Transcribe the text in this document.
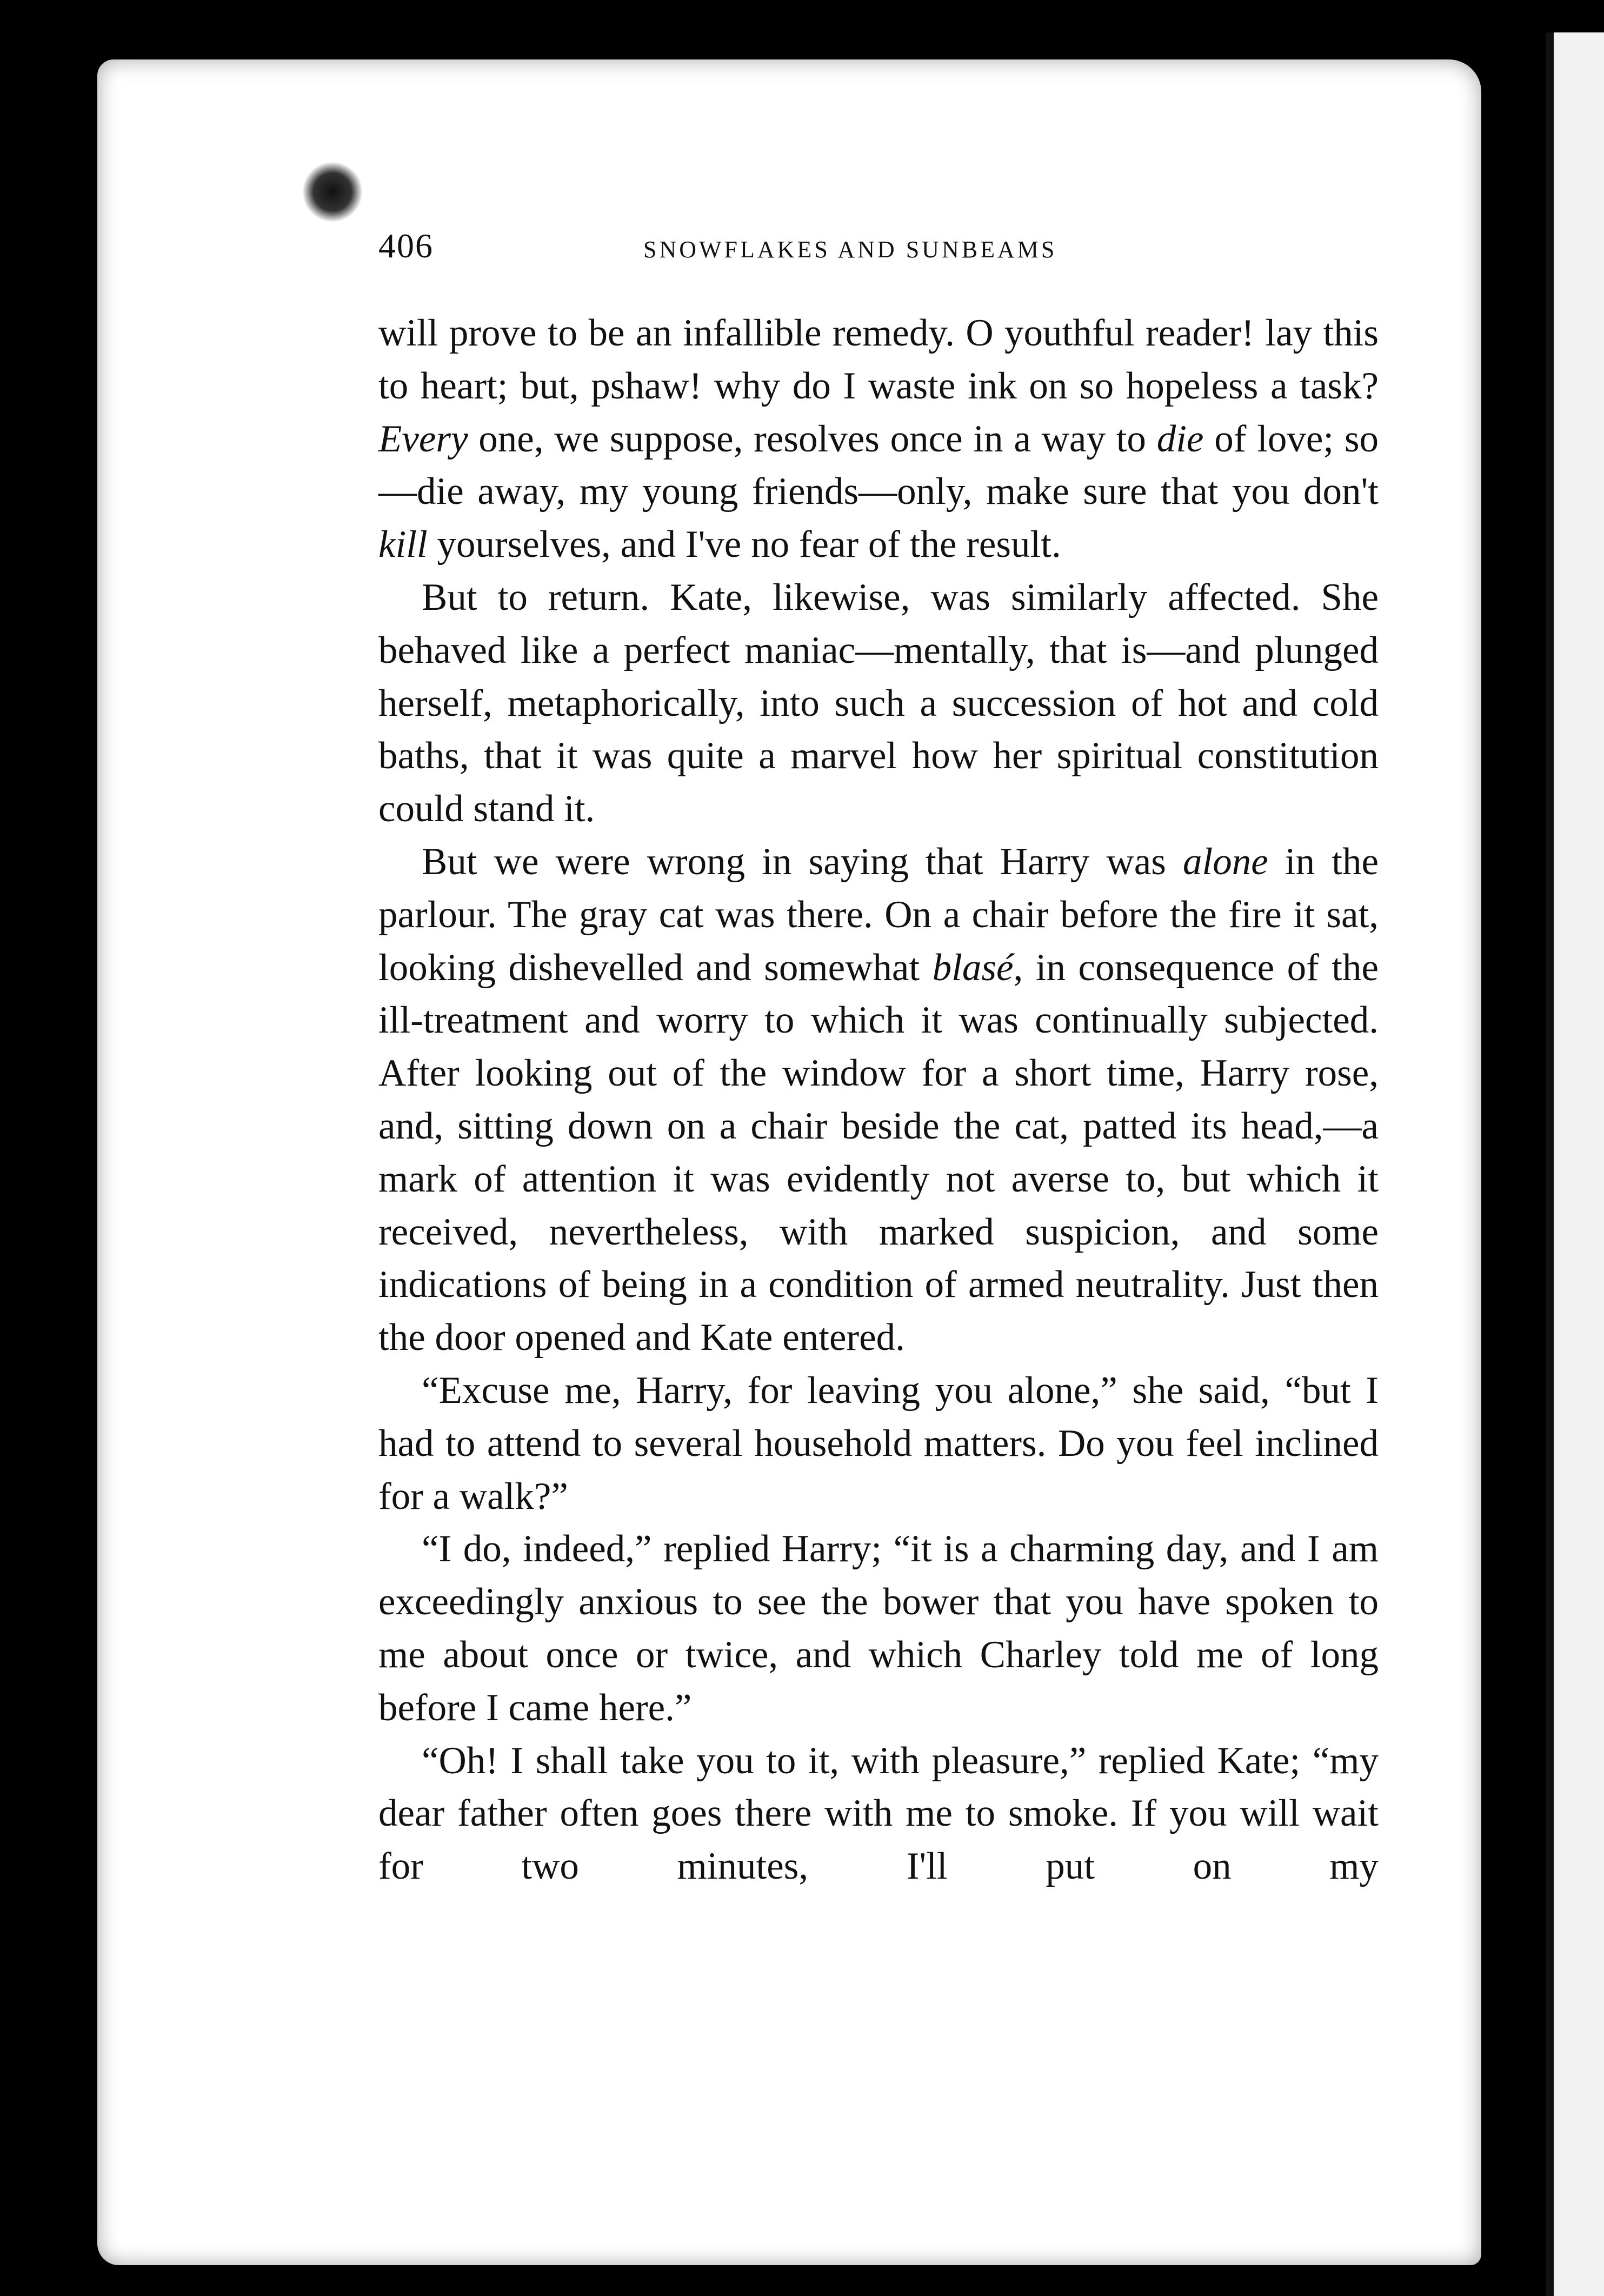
406	SNOWFLAKES AND SUNBEAMS

will prove to be an infallible remedy. O youthful reader! lay this to heart; but, pshaw! why do I waste ink on so hopeless a task? Every one, we suppose, resolves once in a way to die of love; so—die away, my young friends—only, make sure that you don't kill yourselves, and I've no fear of the result.

But to return. Kate, likewise, was similarly affected. She behaved like a perfect maniac—mentally, that is—and plunged herself, metaphorically, into such a succession of hot and cold baths, that it was quite a marvel how her spiritual constitution could stand it.

But we were wrong in saying that Harry was alone in the parlour. The gray cat was there. On a chair before the fire it sat, looking dishevelled and somewhat blasé, in consequence of the ill-treatment and worry to which it was continually subjected. After looking out of the window for a short time, Harry rose, and, sitting down on a chair beside the cat, patted its head,—a mark of attention it was evidently not averse to, but which it received, nevertheless, with marked suspicion, and some indications of being in a condition of armed neutrality. Just then the door opened and Kate entered.

“Excuse me, Harry, for leaving you alone,” she said, “but I had to attend to several household matters. Do you feel inclined for a walk?”

“I do, indeed,” replied Harry; “it is a charming day, and I am exceedingly anxious to see the bower that you have spoken to me about once or twice, and which Charley told me of long before I came here.”

“Oh! I shall take you to it, with pleasure,” replied Kate; “my dear father often goes there with me to smoke. If you will wait for two minutes, I'll put on my
